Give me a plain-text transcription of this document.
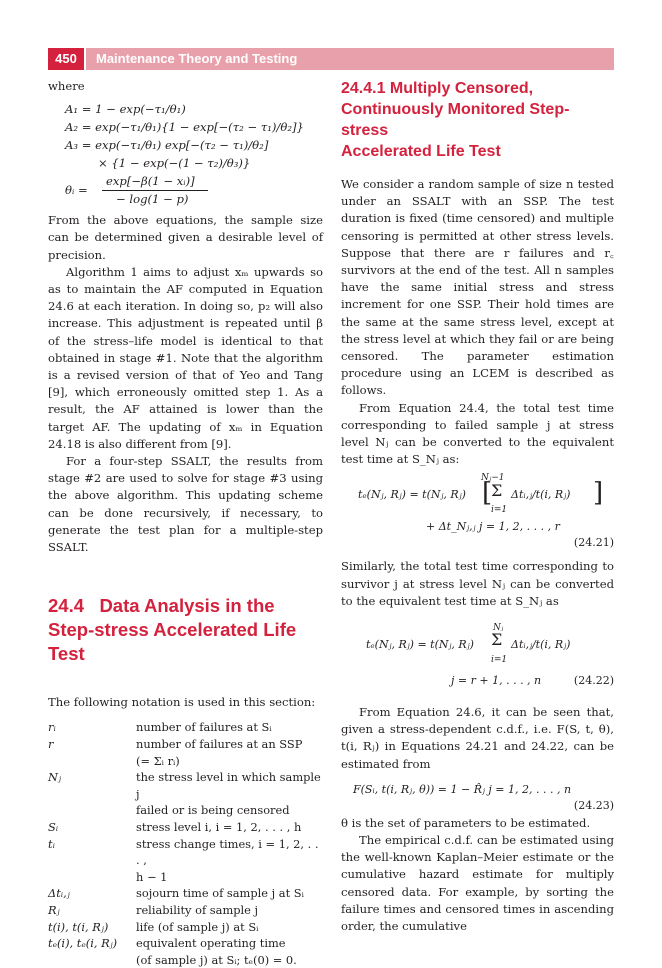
450	Maintenance Theory and Testing

where

A₁ = 1 − exp(−τ₁/θ₁)
A₂ = exp(−τ₁/θ₁){1 − exp[−(τ₂ − τ₁)/θ₂]}
A₃ = exp(−τ₁/θ₁) exp[−(τ₂ − τ₁)/θ₂]
× {1 − exp(−(1 − τ₂)/θ₃)}
θᵢ =
exp[−β(1 − xᵢ)]
− log(1 − p)

From the above equations, the sample size can be determined given a desirable level of precision.

Algorithm 1 aims to adjust xₘ upwards so as to maintain the AF computed in Equation 24.6 at each iteration. In doing so, p₂ will also increase. This adjustment is repeated until β of the stress–life model is identical to that obtained in stage #1. Note that the algorithm is a revised version of that of Yeo and Tang [9], which erroneously omitted step 1. As a result, the AF attained is lower than the target AF. The updating of xₘ in Equation 24.18 is also different from [9].

For a four-step SSALT, the results from stage #2 are used to solve for stage #3 using the above algorithm. This updating scheme can be done recursively, if necessary, to generate the test plan for a multiple-step SSALT.

24.4 Data Analysis in the

Step-stress Accelerated Life Test

The following notation is used in this section:

rᵢ	number of failures at Sᵢ
r	number of failures at an SSP
	(= Σᵢ rᵢ)
Nⱼ	the stress level in which sample j
	failed or is being censored
Sᵢ	stress level i, i = 1, 2, . . . , h
tᵢ	stress change times, i = 1, 2, . . . ,
	h − 1
Δtᵢ,ⱼ	sojourn time of sample j at Sᵢ
Rⱼ	reliability of sample j
t(i), t(i, Rⱼ)	life (of sample j) at Sᵢ
tₑ(i), tₑ(i, Rⱼ)	equivalent operating time
	(of sample j) at Sᵢ; tₑ(0) = 0.

24.4.1 Multiply Censored,

Continuously Monitored Step-stress

Accelerated Life Test

We consider a random sample of size n tested under an SSALT with an SSP. The test duration is fixed (time censored) and multiple censoring is permitted at other stress levels. Suppose that there are r failures and r꜀ survivors at the end of the test. All n samples have the same initial stress and stress increment for one SSP. Their hold times are the same at the same stress level, except at the stress level at which they fail or are being censored. The parameter estimation procedure using an LCEM is described as follows.

From Equation 24.4, the total test time corresponding to failed sample j at stress level Nⱼ can be converted to the equivalent test time at S_Nⱼ as:

Nⱼ−1
tₑ(Nⱼ, Rⱼ) = t(Nⱼ, Rⱼ) [
Σ Δtᵢ,ⱼ/t(i, Rⱼ) ]
i=1
+ Δt_Nⱼ,ⱼ j = 1, 2, . . . , r
(24.21)

Similarly, the total test time corresponding to survivor j at stress level Nⱼ can be converted to the equivalent test time at S_Nⱼ as

Nⱼ
tₑ(Nⱼ, Rⱼ) = t(Nⱼ, Rⱼ) Σ Δtᵢ,ⱼ/t(i, Rⱼ)
i=1
j = r + 1, . . . , n	(24.22)

From Equation 24.6, it can be seen that, given a stress-dependent c.d.f., i.e. F(S, t, θ), t(i, Rⱼ) in Equations 24.21 and 24.22, can be estimated from

F(Sᵢ, t(i, Rⱼ, θ)) = 1 − R̂ⱼ j = 1, 2, . . . , n
(24.23)

θ is the set of parameters to be estimated.

The empirical c.d.f. can be estimated using the well-known Kaplan–Meier estimate or the cumulative hazard estimate for multiply censored data. For example, by sorting the failure times and censored times in ascending order, the cumulative
